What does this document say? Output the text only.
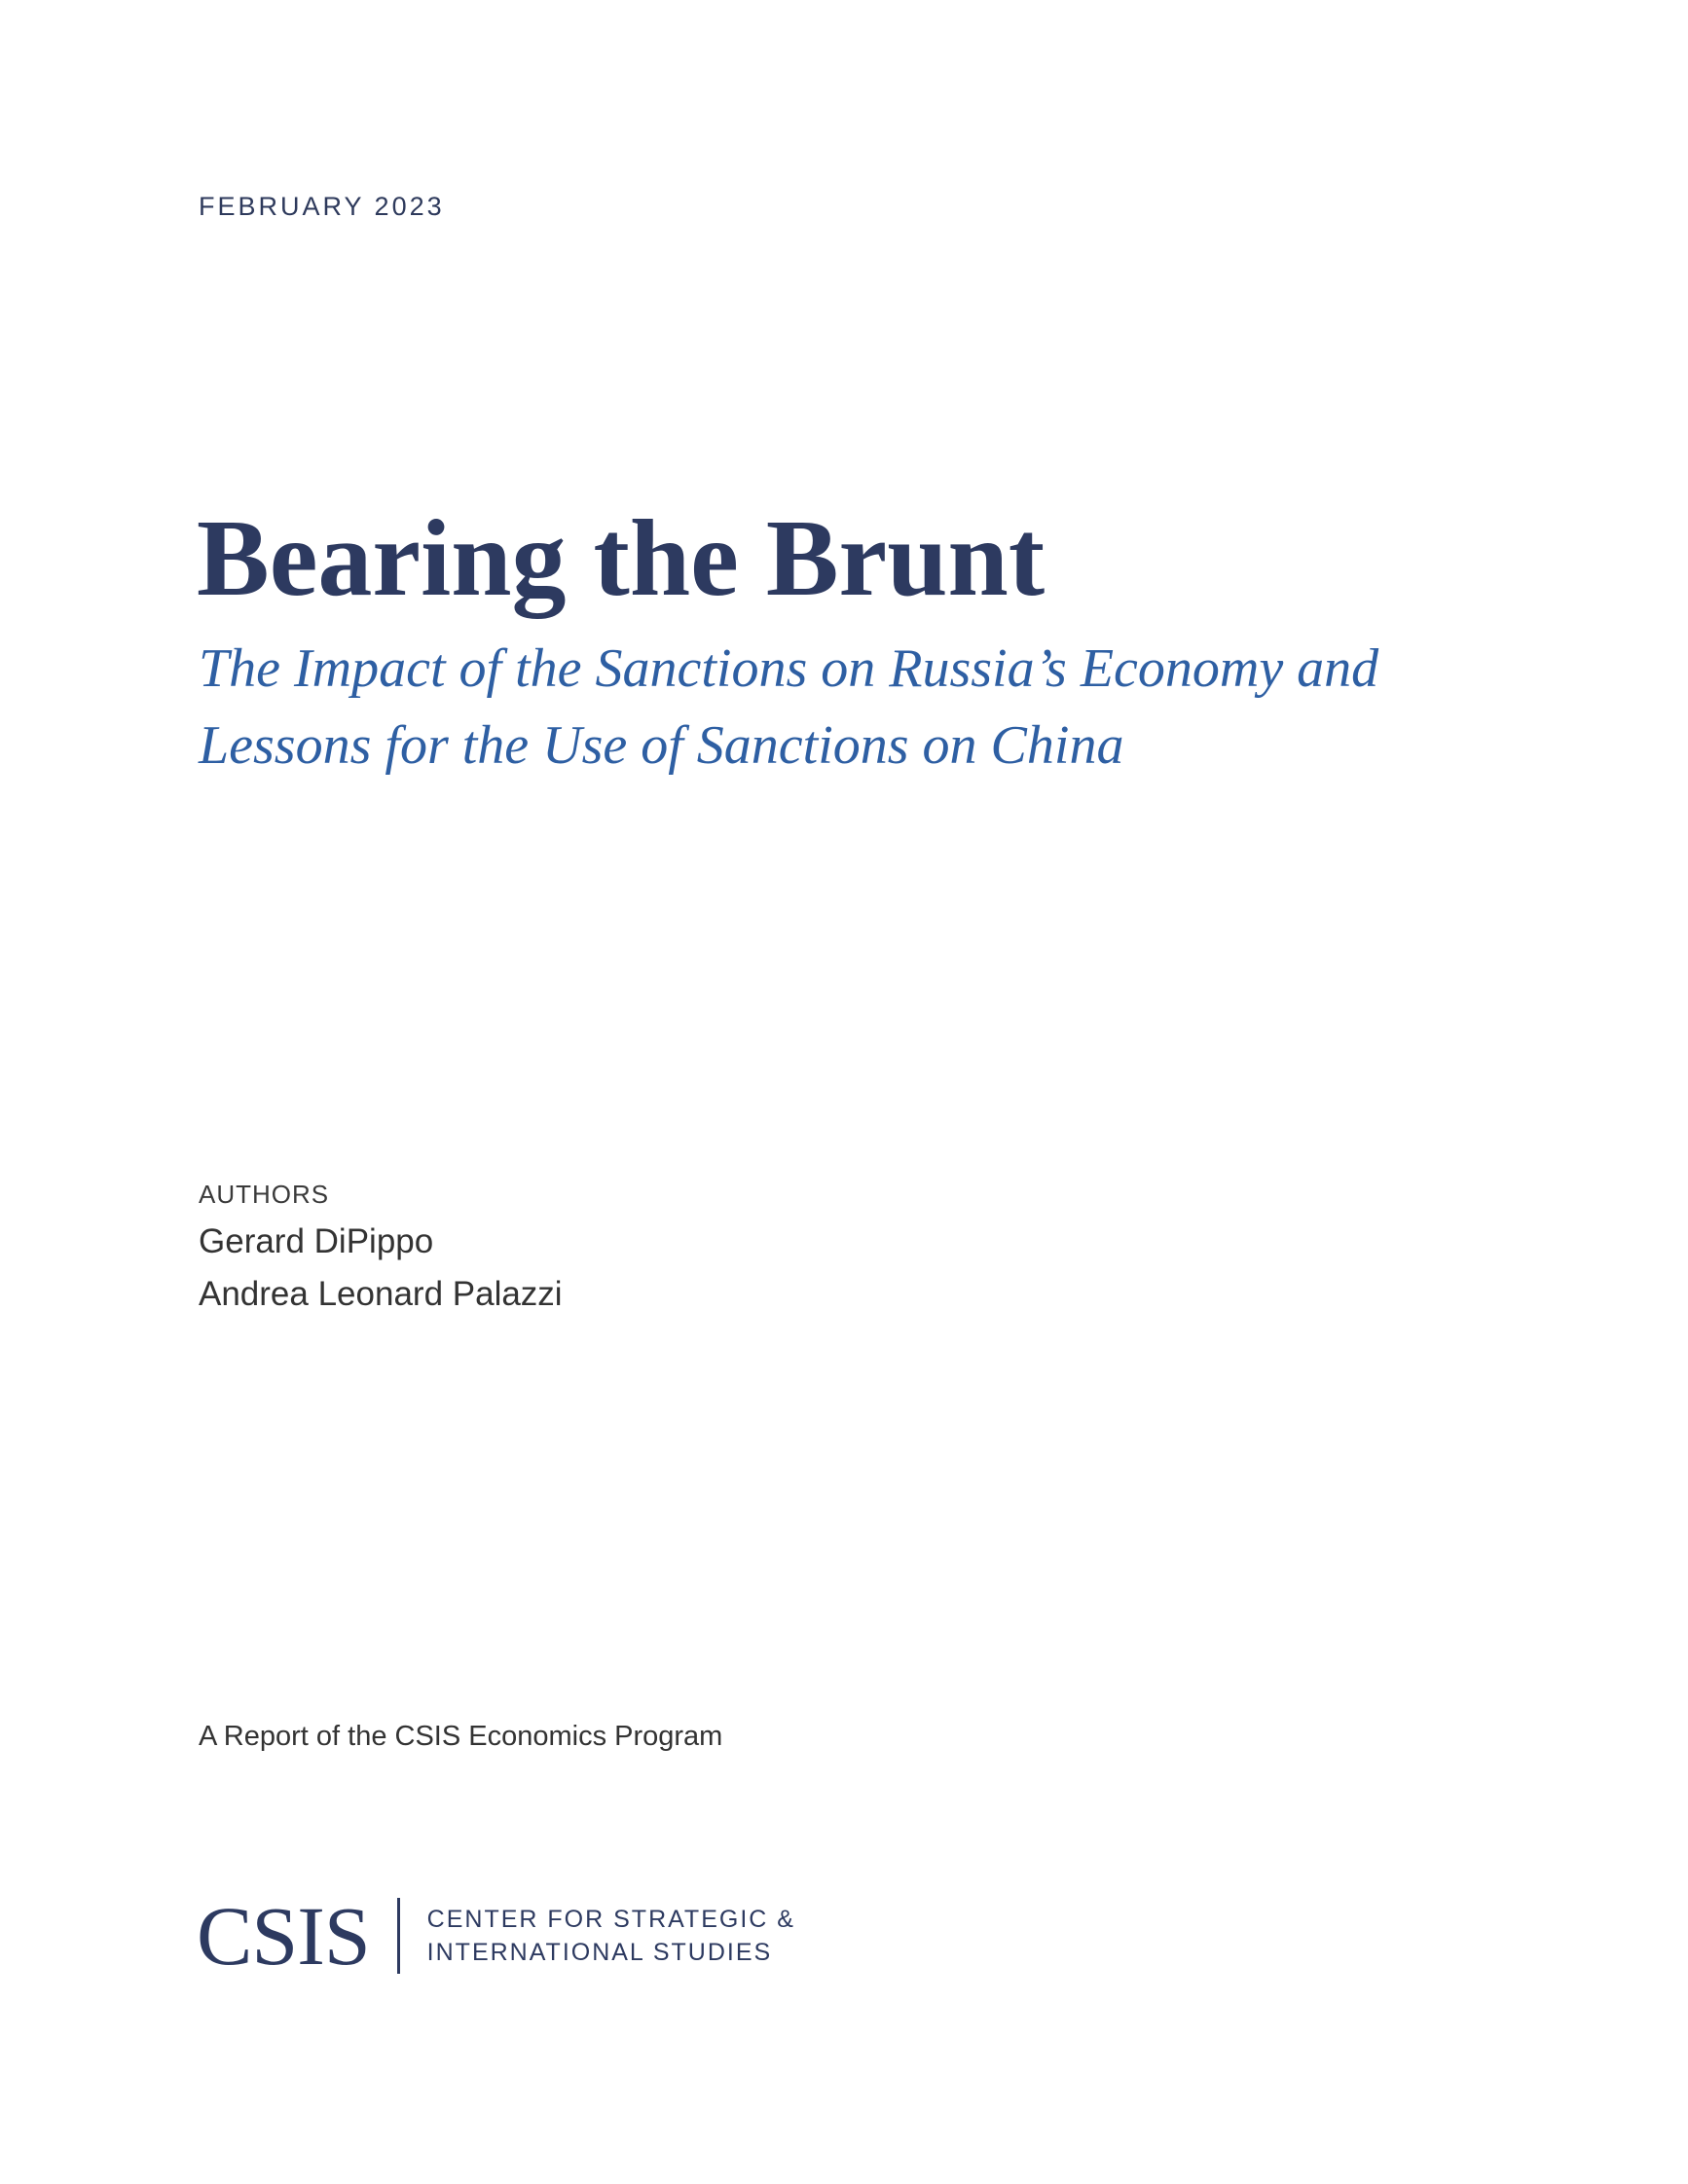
FEBRUARY 2023
Bearing the Brunt
The Impact of the Sanctions on Russia’s Economy and
Lessons for the Use of Sanctions on China
AUTHORS
Gerard DiPippo
Andrea Leonard Palazzi
A Report of the CSIS Economics Program
CSIS CENTER FOR STRATEGIC &
INTERNATIONAL STUDIES
